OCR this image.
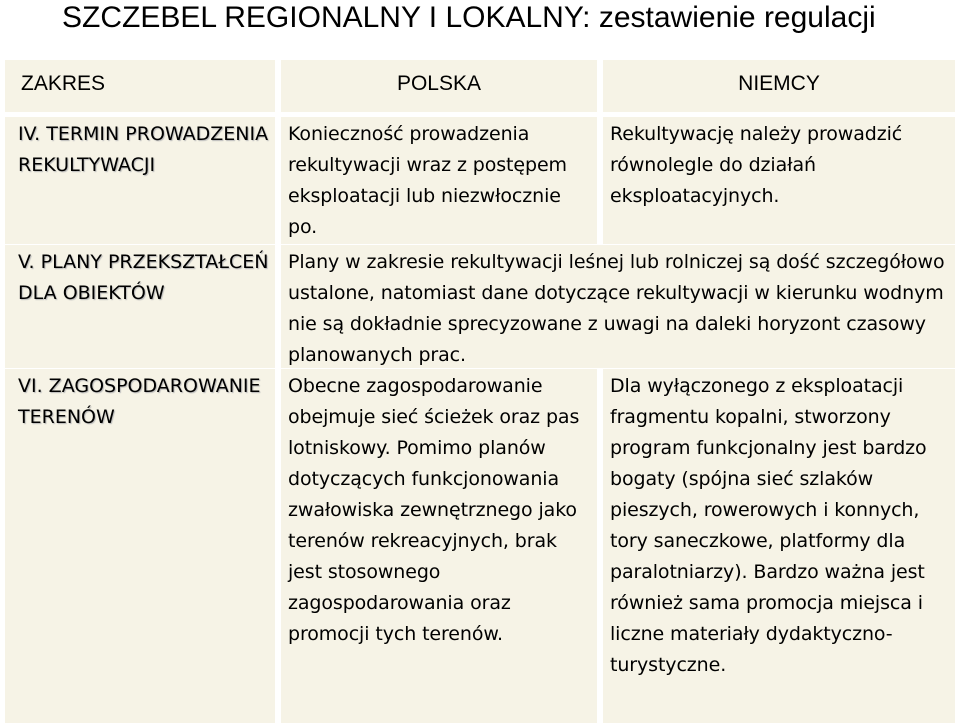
SZCZEBEL REGIONALNY I LOKALNY: zestawienie regulacji
ZAKRES	POLSKA	NIEMCY
IV. TERMIN PROWADZENIA REKULTYWACJI
Konieczność prowadzenia rekultywacji wraz z postępem eksploatacji lub niezwłocznie po.
Rekultywację należy prowadzić równolegle do działań eksploatacyjnych.
V. PLANY PRZEKSZTAŁCEŃ DLA OBIEKTÓW
Plany w zakresie rekultywacji leśnej lub rolniczej są dość szczegółowo ustalone, natomiast dane dotyczące rekultywacji w kierunku wodnym nie są dokładnie sprecyzowane z uwagi na daleki horyzont czasowy planowanych prac.
VI. ZAGOSPODAROWANIE TERENÓW
Obecne zagospodarowanie obejmuje sieć ścieżek oraz pas lotniskowy. Pomimo planów dotyczących funkcjonowania zwałowiska zewnętrznego jako terenów rekreacyjnych, brak jest stosownego zagospodarowania oraz promocji tych terenów.
Dla wyłączonego z eksploatacji fragmentu kopalni, stworzony program funkcjonalny jest bardzo bogaty (spójna sieć szlaków pieszych, rowerowych i konnych, tory saneczkowe, platformy dla paralotniarzy). Bardzo ważna jest również sama promocja miejsca i liczne materiały dydaktyczno-turystyczne.
